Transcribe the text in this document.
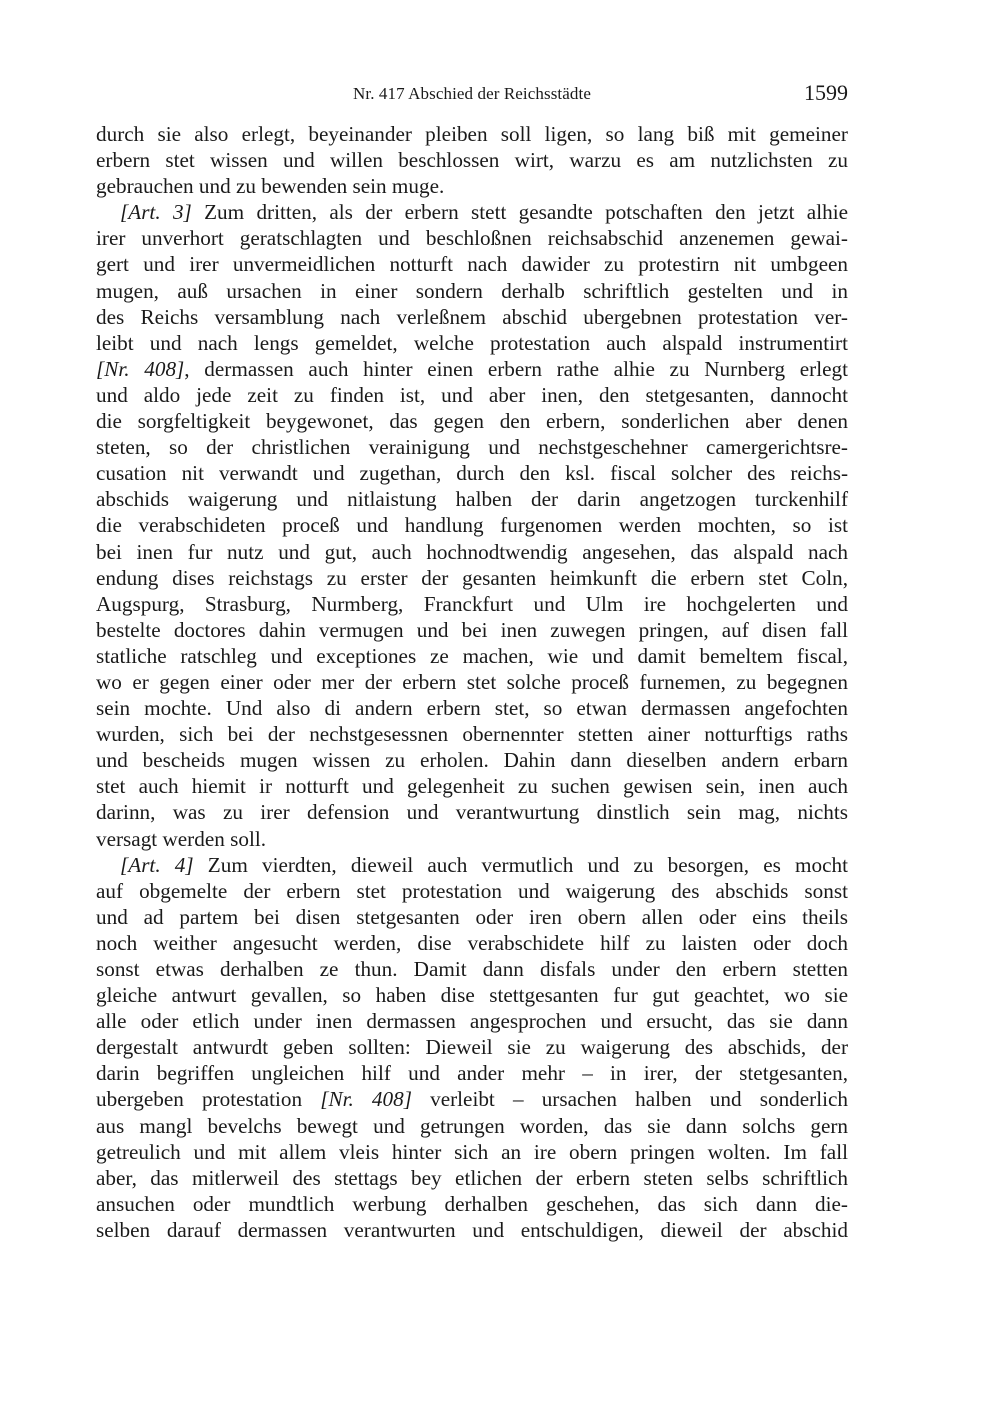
Nr. 417 Abschied der Reichsstädte	1599
durch sie also erlegt, beyeinander pleiben soll ligen, so lang biß mit gemeiner
erbern stet wissen und willen beschlossen wirt, warzu es am nutzlichsten zu
gebrauchen und zu bewenden sein muge.
[Art. 3] Zum dritten, als der erbern stett gesandte potschaften den jetzt alhie
irer unverhort geratschlagten und beschloßnen reichsabschid anzenemen gewai-
gert und irer unvermeidlichen notturft nach dawider zu protestirn nit umbgeen
mugen, auß ursachen in einer sondern derhalb schriftlich gestelten und in
des Reichs versamblung nach verleßnem abschid ubergebnen protestation ver-
leibt und nach lengs gemeldet, welche protestation auch alspald instrumentirt
[Nr. 408], dermassen auch hinter einen erbern rathe alhie zu Nurnberg erlegt
und aldo jede zeit zu finden ist, und aber inen, den stetgesanten, dannocht
die sorgfeltigkeit beygewonet, das gegen den erbern, sonderlichen aber denen
steten, so der christlichen verainigung und nechstgeschehner camergerichtsre-
cusation nit verwandt und zugethan, durch den ksl. fiscal solcher des reichs-
abschids waigerung und nitlaistung halben der darin angetzogen turckenhilf
die verabschideten proceß und handlung furgenomen werden mochten, so ist
bei inen fur nutz und gut, auch hochnodtwendig angesehen, das alspald nach
endung dises reichstags zu erster der gesanten heimkunft die erbern stet Coln,
Augspurg, Strasburg, Nurmberg, Franckfurt und Ulm ire hochgelerten und
bestelte doctores dahin vermugen und bei inen zuwegen pringen, auf disen fall
statliche ratschleg und exceptiones ze machen, wie und damit bemeltem fiscal,
wo er gegen einer oder mer der erbern stet solche proceß furnemen, zu begegnen
sein mochte. Und also di andern erbern stet, so etwan dermassen angefochten
wurden, sich bei der nechstgesessnen obernennter stetten ainer notturftigs raths
und bescheids mugen wissen zu erholen. Dahin dann dieselben andern erbarn
stet auch hiemit ir notturft und gelegenheit zu suchen gewisen sein, inen auch
darinn, was zu irer defension und verantwurtung dinstlich sein mag, nichts
versagt werden soll.
[Art. 4] Zum vierdten, dieweil auch vermutlich und zu besorgen, es mocht
auf obgemelte der erbern stet protestation und waigerung des abschids sonst
und ad partem bei disen stetgesanten oder iren obern allen oder eins theils
noch weither angesucht werden, dise verabschidete hilf zu laisten oder doch
sonst etwas derhalben ze thun. Damit dann disfals under den erbern stetten
gleiche antwurt gevallen, so haben dise stettgesanten fur gut geachtet, wo sie
alle oder etlich under inen dermassen angesprochen und ersucht, das sie dann
dergestalt antwurdt geben sollten: Dieweil sie zu waigerung des abschids, der
darin begriffen ungleichen hilf und ander mehr – in irer, der stetgesanten,
ubergeben protestation [Nr. 408] verleibt – ursachen halben und sonderlich
aus mangl bevelchs bewegt und getrungen worden, das sie dann solchs gern
getreulich und mit allem vleis hinter sich an ire obern pringen wolten. Im fall
aber, das mitlerweil des stettags bey etlichen der erbern steten selbs schriftlich
ansuchen oder mundtlich werbung derhalben geschehen, das sich dann die-
selben darauf dermassen verantwurten und entschuldigen, dieweil der abschid
